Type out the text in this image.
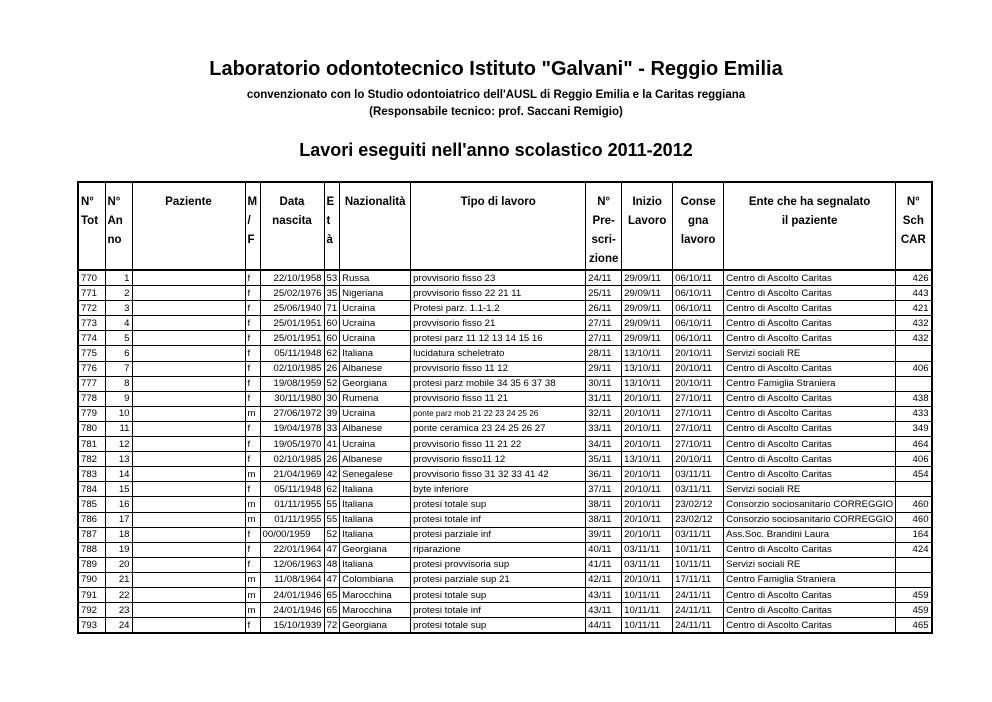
Laboratorio odontotecnico Istituto "Galvani" - Reggio Emilia
convenzionato con lo Studio odontoiatrico dell'AUSL di Reggio Emilia e la Caritas reggiana
(Responsabile tecnico: prof. Saccani Remigio)
Lavori eseguiti nell'anno scolastico 2011-2012
N°
Tot	N°
An
no	Paziente	M
/
F	Data
nascita	E
t
à	Nazionalità	Tipo di lavoro	N°
Pre-
scri-
zione	Inizio
Lavoro	Conse
gna
lavoro	Ente che ha segnalato
il paziente	N°
Sch
CAR
770	1		f	22/10/1958	53	Russa	provvisorio fisso 23	24/11	29/09/11	06/10/11	Centro di Ascolto Caritas	426
771	2		f	25/02/1976	35	Nigeriana	provvisorio fisso 22 21 11	25/11	29/09/11	06/10/11	Centro di Ascolto Caritas	443
772	3		f	25/06/1940	71	Ucraina	Protesi parz. 1.1-1.2	26/11	29/09/11	06/10/11	Centro di Ascolto Caritas	421
773	4		f	25/01/1951	60	Ucraina	provvisorio fisso 21	27/11	29/09/11	06/10/11	Centro di Ascolto Caritas	432
774	5		f	25/01/1951	60	Ucraina	protesi parz 11 12 13 14 15 16	27/11	29/09/11	06/10/11	Centro di Ascolto Caritas	432
775	6		f	05/11/1948	62	Italiana	lucidatura scheletrato	28/11	13/10/11	20/10/11	Servizi sociali RE	
776	7		f	02/10/1985	26	Albanese	provvisorio fisso 11 12	29/11	13/10/11	20/10/11	Centro di Ascolto Caritas	406
777	8		f	19/08/1959	52	Georgiana	protesi parz mobile 34 35 6 37 38	30/11	13/10/11	20/10/11	Centro Famiglia Straniera	
778	9		f	30/11/1980	30	Rumena	provvisorio fisso 11 21	31/11	20/10/11	27/10/11	Centro di Ascolto Caritas	438
779	10		m	27/06/1972	39	Ucraina	ponte parz mob 21 22 23 24 25 26	32/11	20/10/11	27/10/11	Centro di Ascolto Caritas	433
780	11		f	19/04/1978	33	Albanese	ponte ceramica 23 24 25 26 27	33/11	20/10/11	27/10/11	Centro di Ascolto Caritas	349
781	12		f	19/05/1970	41	Ucraina	provvisorio fisso 11 21 22	34/11	20/10/11	27/10/11	Centro di Ascolto Caritas	464
782	13		f	02/10/1985	26	Albanese	provvisorio fisso11 12	35/11	13/10/11	20/10/11	Centro di Ascolto Caritas	406
783	14		m	21/04/1969	42	Senegalese	provvisorio fisso 31 32 33 41 42	36/11	20/10/11	03/11/11	Centro di Ascolto Caritas	454
784	15		f	05/11/1948	62	Italiana	byte inferiore	37/11	20/10/11	03/11/11	Servizi sociali RE	
785	16		m	01/11/1955	55	Italiana	protesi totale sup	38/11	20/10/11	23/02/12	Consorzio sociosanitario CORREGGIO	460
786	17		m	01/11/1955	55	Italiana	protesi totale inf	38/11	20/10/11	23/02/12	Consorzio sociosanitario CORREGGIO	460
787	18		f	00/00/1959	52	Italiana	protesi parziale inf	39/11	20/10/11	03/11/11	Ass.Soc. Brandini Laura	164
788	19		f	22/01/1964	47	Georgiana	riparazione	40/11	03/11/11	10/11/11	Centro di Ascolto Caritas	424
789	20		f	12/06/1963	48	Italiana	protesi provvisoria sup	41/11	03/11/11	10/11/11	Servizi sociali RE	
790	21		m	11/08/1964	47	Colombiana	protesi parziale sup 21	42/11	20/10/11	17/11/11	Centro Famiglia Straniera	
791	22		m	24/01/1946	65	Marocchina	protesi totale sup	43/11	10/11/11	24/11/11	Centro di Ascolto Caritas	459
792	23		m	24/01/1946	65	Marocchina	protesi totale inf	43/11	10/11/11	24/11/11	Centro di Ascolto Caritas	459
793	24		f	15/10/1939	72	Georgiana	protesi totale sup	44/11	10/11/11	24/11/11	Centro di Ascolto Caritas	465
